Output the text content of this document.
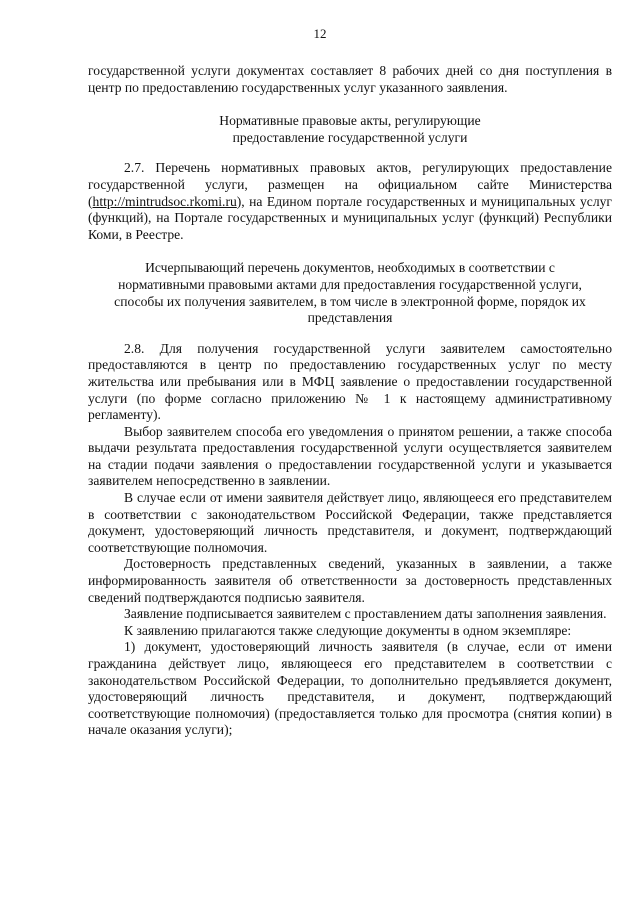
12

государственной услуги документах составляет 8 рабочих дней со дня поступления в центр по предоставлению государственных услуг указанного заявления.

Нормативные правовые акты, регулирующие
предоставление государственной услуги

2.7. Перечень нормативных правовых актов, регулирующих предоставление государственной услуги, размещен на официальном сайте Министерства (http://mintrudsoc.rkomi.ru), на Едином портале государственных и муниципальных услуг (функций), на Портале государственных и муниципальных услуг (функций) Республики Коми, в Реестре.

Исчерпывающий перечень документов, необходимых в соответствии с
нормативными правовыми актами для предоставления государственной услуги,
способы их получения заявителем, в том числе в электронной форме, порядок их
представления

2.8. Для получения государственной услуги заявителем самостоятельно предоставляются в центр по предоставлению государственных услуг по месту жительства или пребывания или в МФЦ заявление о предоставлении государственной услуги (по форме согласно приложению № 1 к настоящему административному регламенту).

Выбор заявителем способа его уведомления о принятом решении, а также способа выдачи результата предоставления государственной услуги осуществляется заявителем на стадии подачи заявления о предоставлении государственной услуги и указывается заявителем непосредственно в заявлении.

В случае если от имени заявителя действует лицо, являющееся его представителем в соответствии с законодательством Российской Федерации, также представляется документ, удостоверяющий личность представителя, и документ, подтверждающий соответствующие полномочия.

Достоверность представленных сведений, указанных в заявлении, а также информированность заявителя об ответственности за достоверность представленных сведений подтверждаются подписью заявителя.

Заявление подписывается заявителем с проставлением даты заполнения заявления.

К заявлению прилагаются также следующие документы в одном экземпляре:

1) документ, удостоверяющий личность заявителя (в случае, если от имени гражданина действует лицо, являющееся его представителем в соответствии с законодательством Российской Федерации, то дополнительно предъявляется документ, удостоверяющий личность представителя, и документ, подтверждающий соответствующие полномочия) (предоставляется только для просмотра (снятия копии) в начале оказания услуги);
